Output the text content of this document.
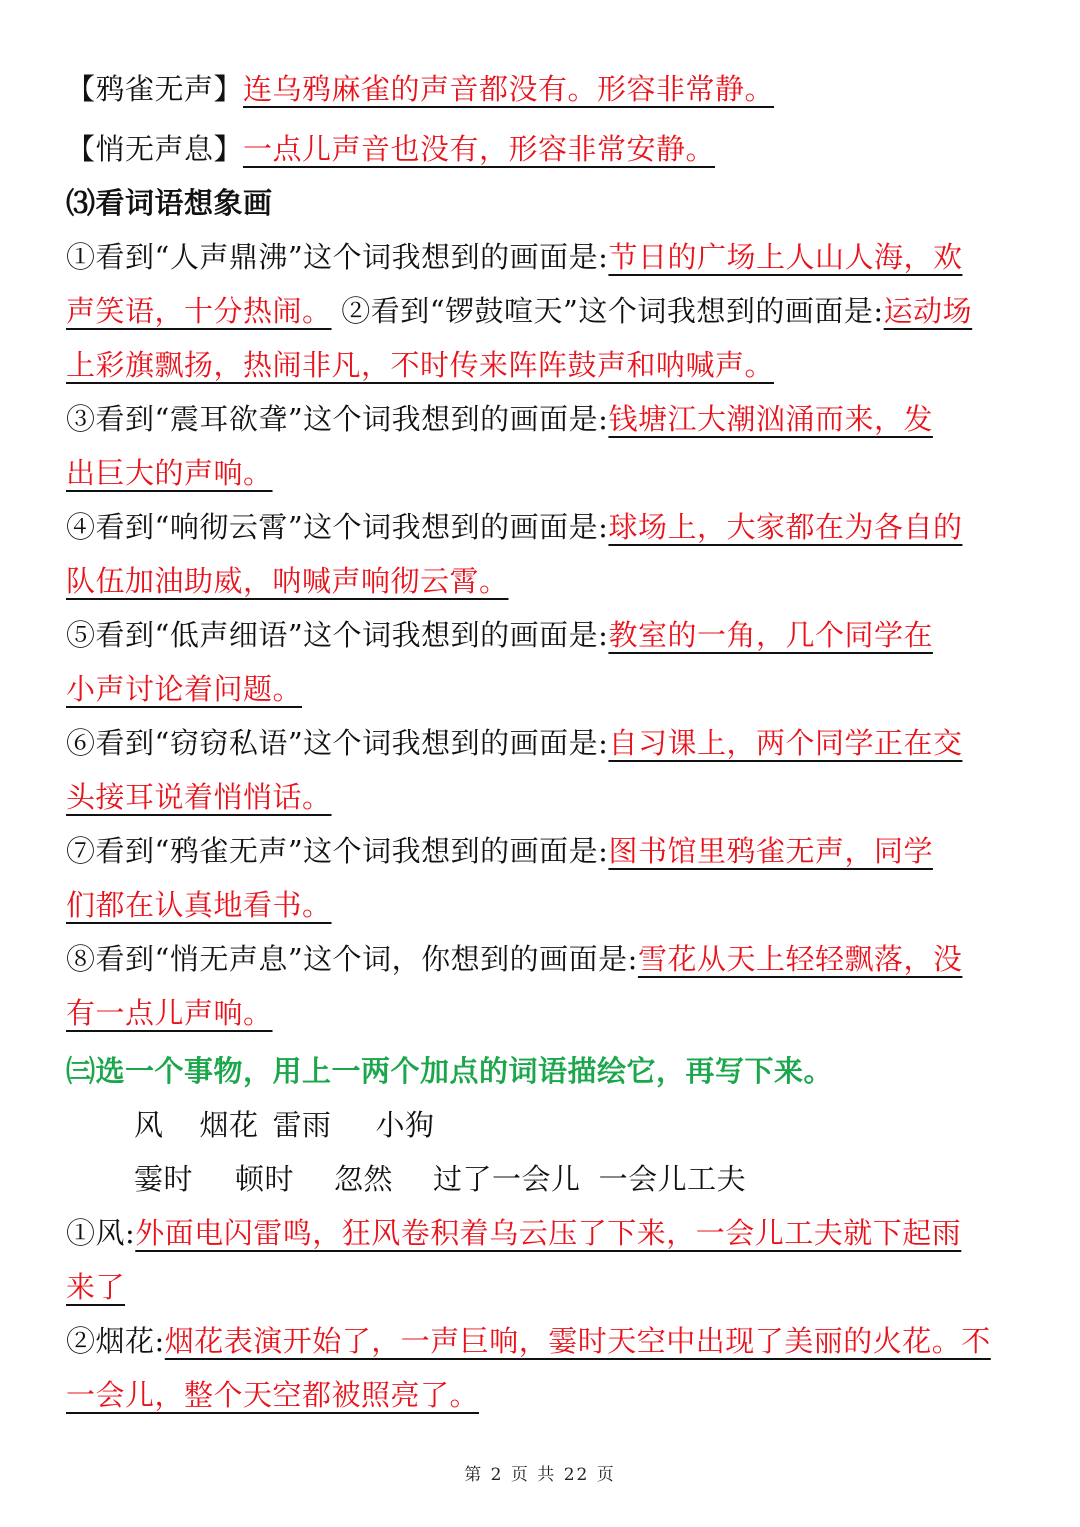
【鸦雀无声】连乌鸦麻雀的声音都没有。形容非常静。
【悄无声息】一点儿声音也没有，形容非常安静。
⑶看词语想象画
①看到“人声鼎沸”这个词我想到的画面是:节日的广场上人山人海，欢
声笑语，十分热闹。 ②看到“锣鼓喧天”这个词我想到的画面是:运动场
上彩旗飘扬，热闹非凡，不时传来阵阵鼓声和呐喊声。
③看到“震耳欲聋”这个词我想到的画面是:钱塘江大潮汹涌而来，发
出巨大的声响。
④看到“响彻云霄”这个词我想到的画面是:球场上，大家都在为各自的
队伍加油助威，呐喊声响彻云霄。
⑤看到“低声细语”这个词我想到的画面是:教室的一角，几个同学在
小声讨论着问题。
⑥看到“窃窃私语”这个词我想到的画面是:自习课上，两个同学正在交
头接耳说着悄悄话。
⑦看到“鸦雀无声”这个词我想到的画面是:图书馆里鸦雀无声，同学
们都在认真地看书。
⑧看到“悄无声息”这个词，你想到的画面是:雪花从天上轻轻飘落，没
有一点儿声响。
㈢选一个事物，用上一两个加点的词语描绘它，再写下来。
风 烟花 雷雨 小狗
霎时 顿时 忽然 过了一会儿 一会儿工夫
①风:外面电闪雷鸣，狂风卷积着乌云压了下来，一会儿工夫就下起雨
来了
②烟花:烟花表演开始了，一声巨响，霎时天空中出现了美丽的火花。不
一会儿，整个天空都被照亮了。
第 2 页 共 22 页
